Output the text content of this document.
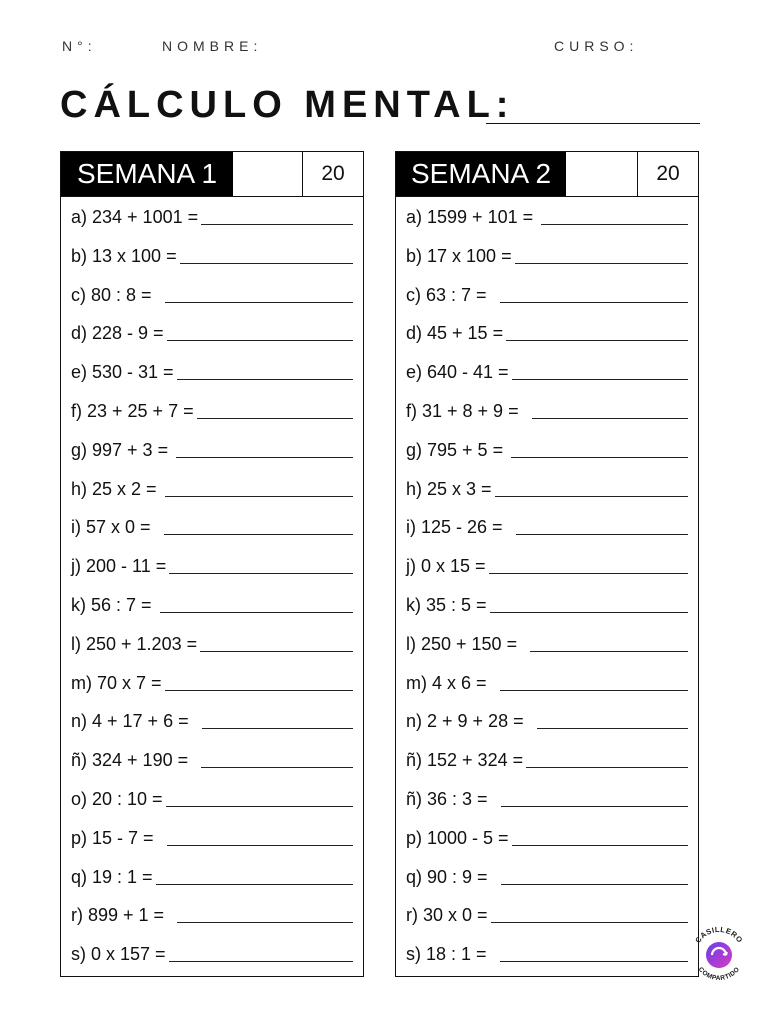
N°:	NOMBRE:	CURSO:
CÁLCULO MENTAL:
SEMANA 1	20
a) 234 + 1001 =
b) 13 x 100 =
c) 80 : 8 =
d) 228 - 9 =
e) 530 - 31 =
f) 23 + 25 + 7 =
g) 997 + 3 =
h) 25 x 2 =
i) 57 x 0 =
j) 200 - 11 =
k) 56 : 7 =
l) 250 + 1.203 =
m) 70 x 7 =
n) 4 + 17 + 6 =
ñ) 324 + 190 =
o) 20 : 10 =
p) 15 - 7 =
q) 19 : 1 =
r) 899 + 1 =
s) 0 x 157 =
SEMANA 2	20
a) 1599 + 101 =
b) 17 x 100 =
c) 63 : 7 =
d) 45 + 15 =
e) 640 - 41 =
f) 31 + 8 + 9 =
g) 795 + 5 =
h) 25 x 3 =
i) 125 - 26 =
j) 0 x 15 =
k) 35 : 5 =
l) 250 + 150 =
m) 4 x 6 =
n) 2 + 9 + 28 =
ñ) 152 + 324 =
ñ) 36 : 3 =
p) 1000 - 5 =
q) 90 : 9 =
r) 30 x 0 =
s) 18 : 1 =
CASILLERO
COMPARTIDO
